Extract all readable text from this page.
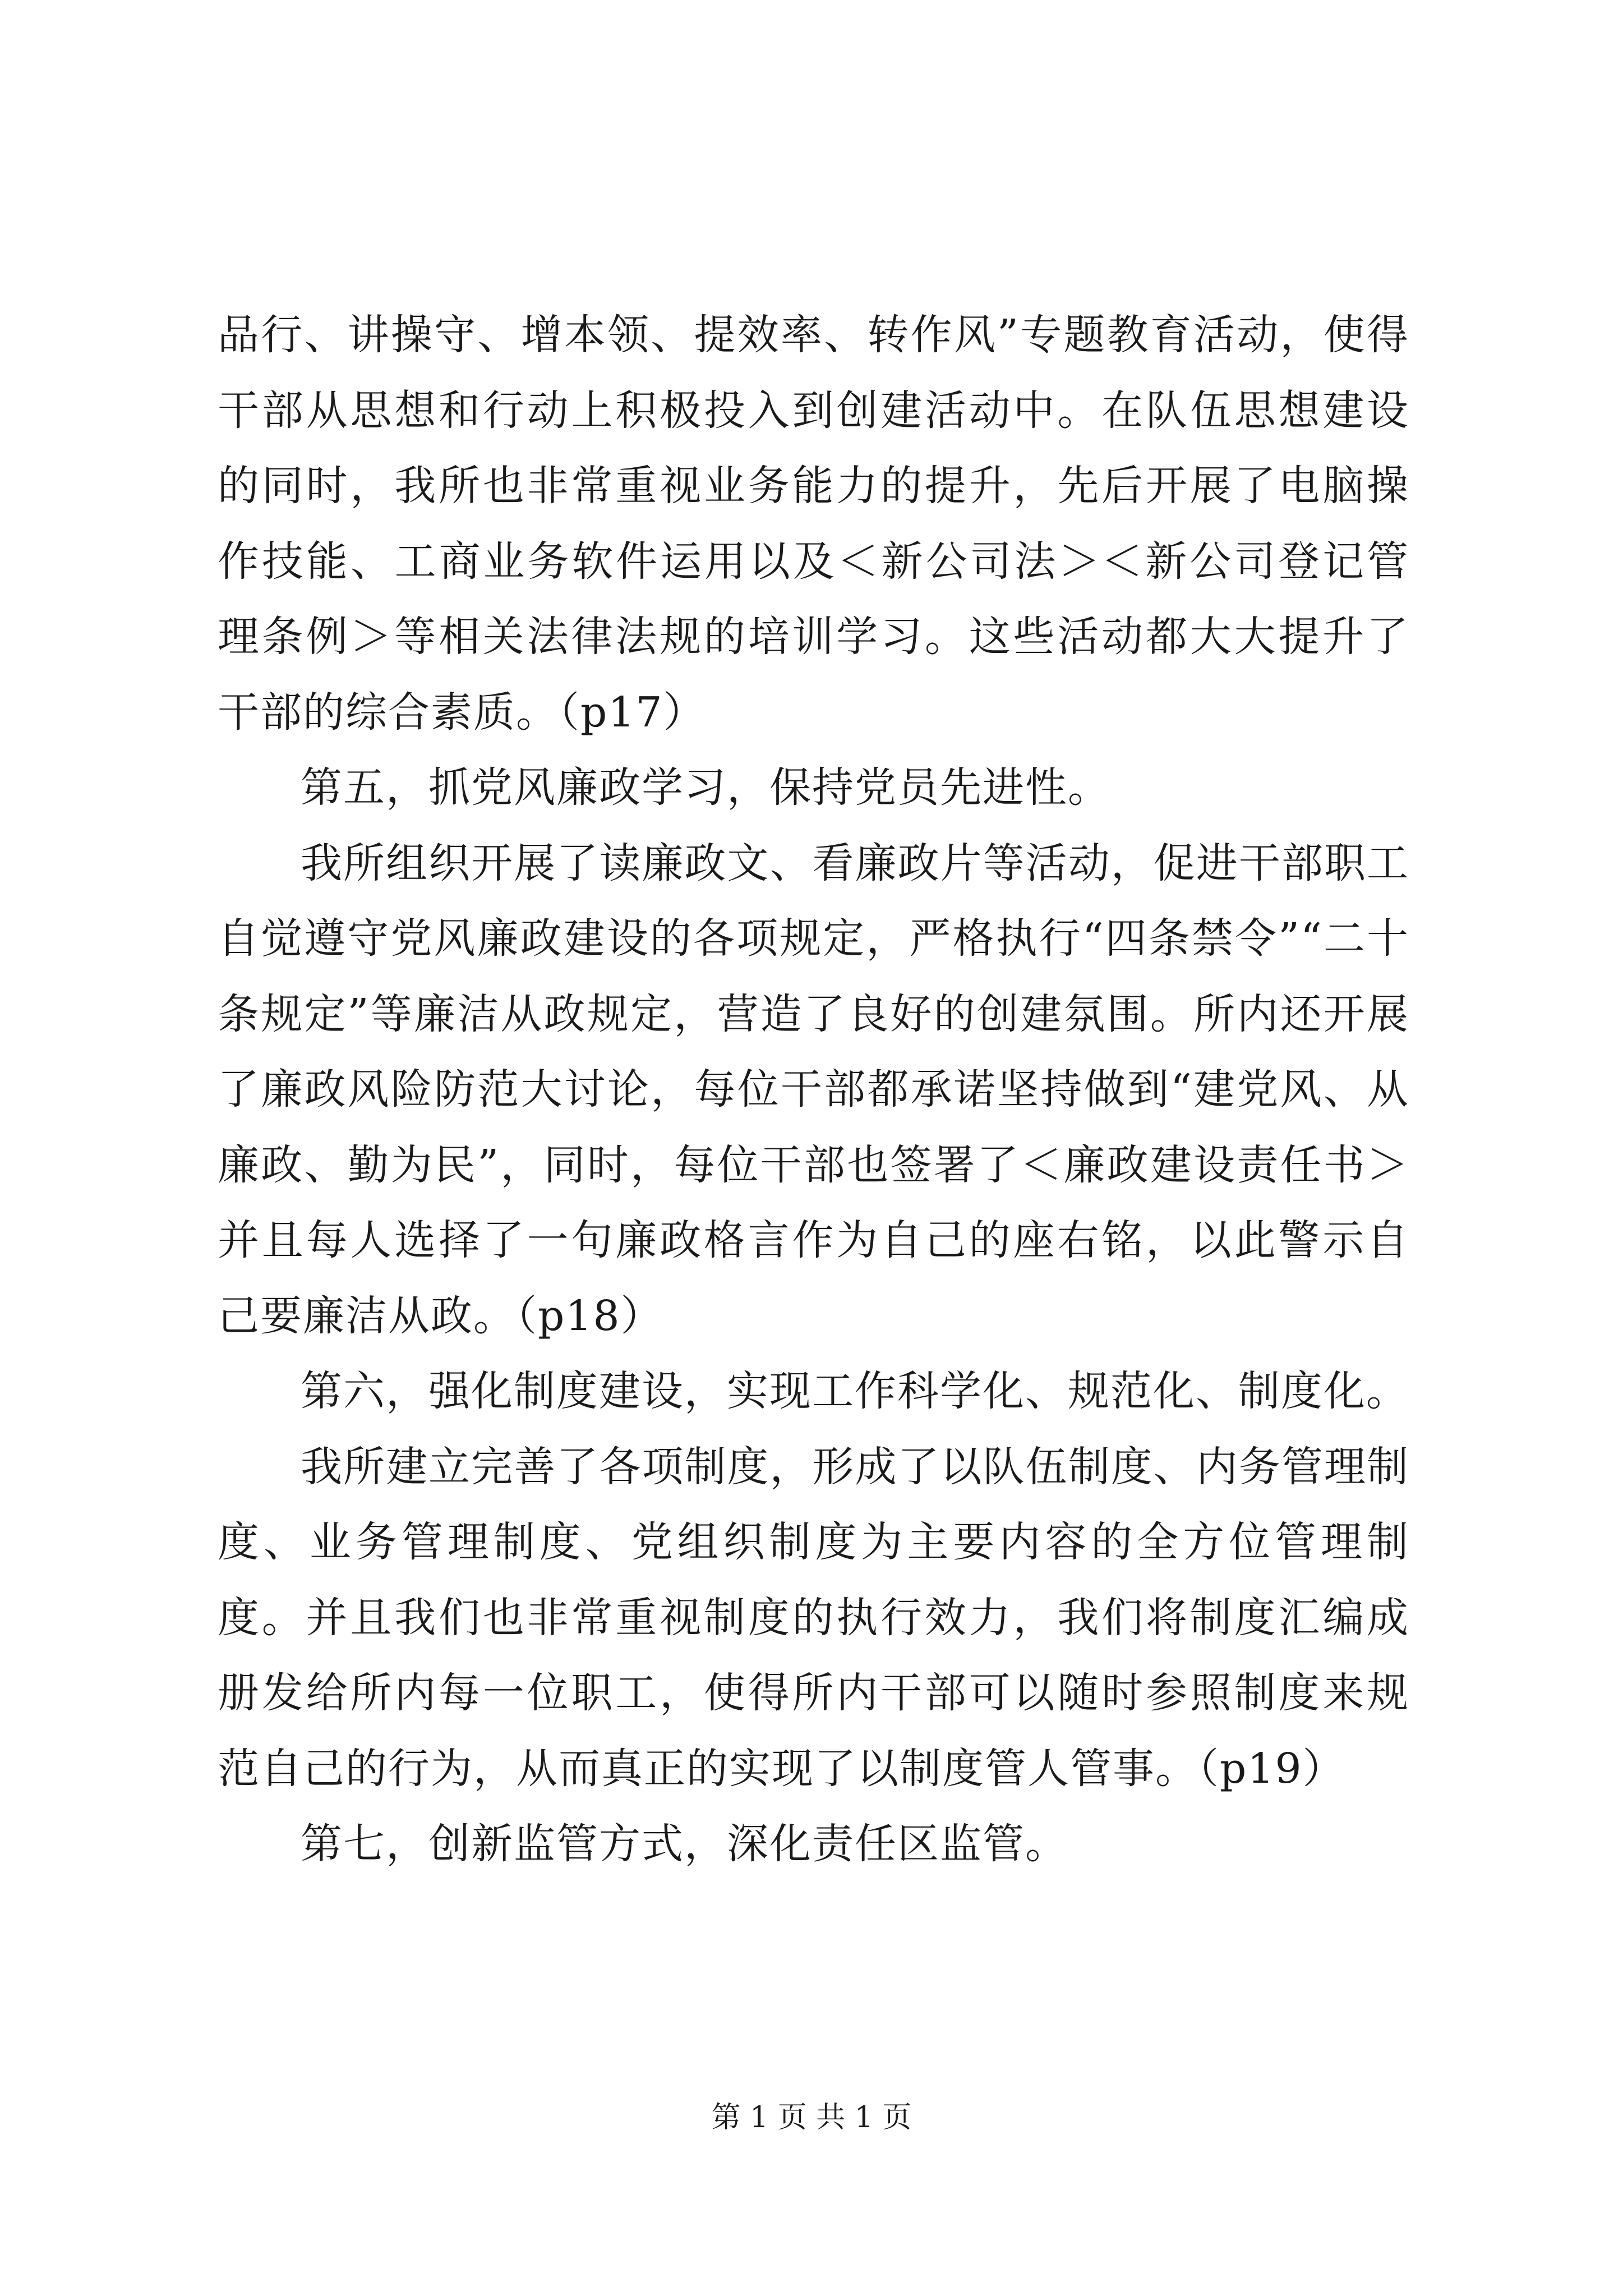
品行、讲操守、增本领、提效率、转作风”专题教育活动，使得干部从思想和行动上积极投入到创建活动中。在队伍思想建设的同时，我所也非常重视业务能力的提升，先后开展了电脑操作技能、工商业务软件运用以及＜新公司法＞＜新公司登记管理条例＞等相关法律法规的培训学习。这些活动都大大提升了干部的综合素质。（p17）

第五，抓党风廉政学习，保持党员先进性。

我所组织开展了读廉政文、看廉政片等活动，促进干部职工自觉遵守党风廉政建设的各项规定，严格执行“四条禁令”“二十条规定”等廉洁从政规定，营造了良好的创建氛围。所内还开展了廉政风险防范大讨论，每位干部都承诺坚持做到“建党风、从廉政、勤为民”，同时，每位干部也签署了＜廉政建设责任书＞并且每人选择了一句廉政格言作为自己的座右铭，以此警示自己要廉洁从政。（p18）

第六，强化制度建设，实现工作科学化、规范化、制度化。

我所建立完善了各项制度，形成了以队伍制度、内务管理制度、业务管理制度、党组织制度为主要内容的全方位管理制度。并且我们也非常重视制度的执行效力，我们将制度汇编成册发给所内每一位职工，使得所内干部可以随时参照制度来规范自己的行为，从而真正的实现了以制度管人管事。（p19）

第七，创新监管方式，深化责任区监管。

第 1 页 共 1 页
